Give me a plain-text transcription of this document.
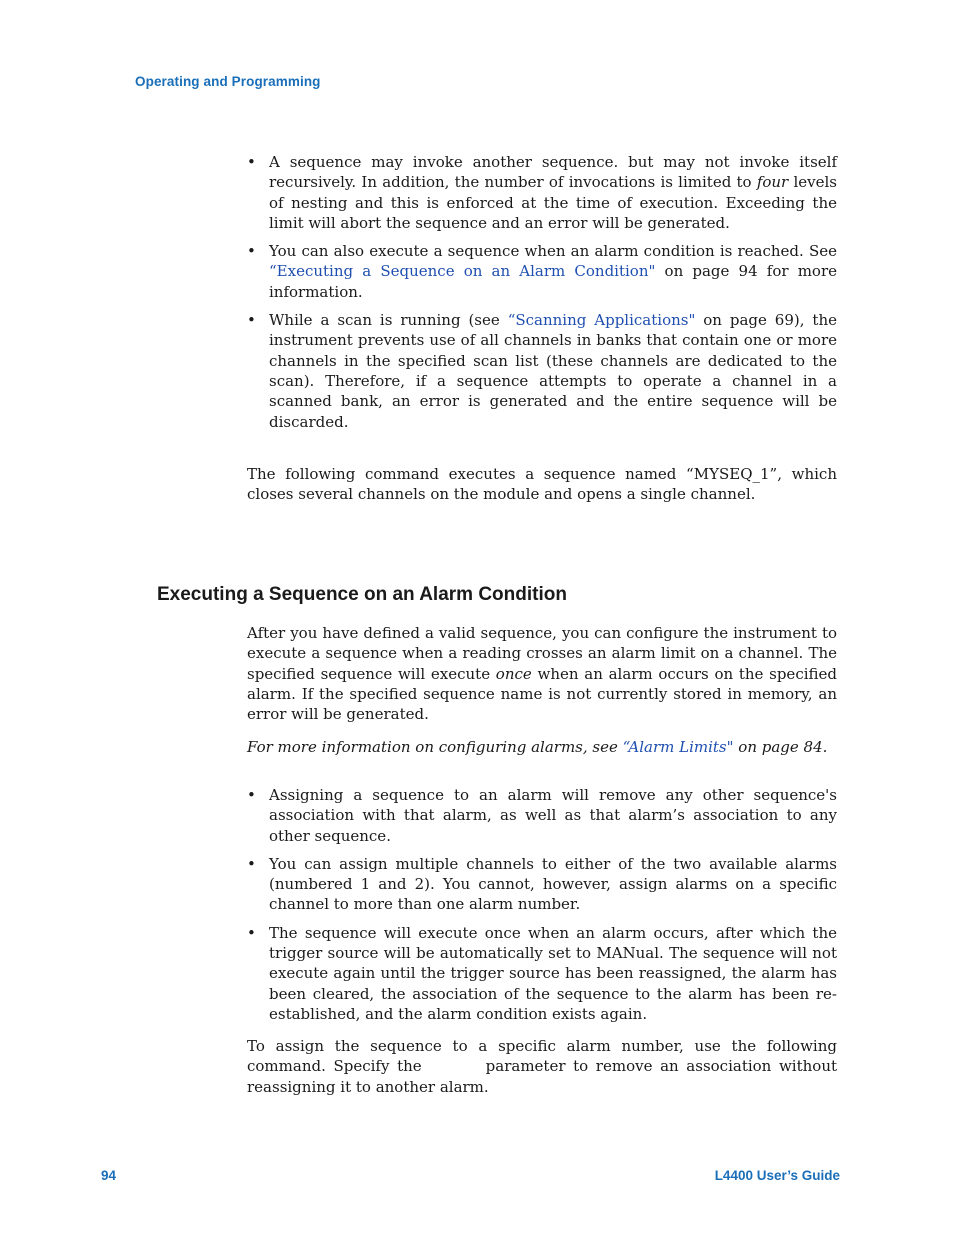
Operating and Programming
• A sequence may invoke another sequence. but may not invoke itself recursively. In addition, the number of invocations is limited to four levels of nesting and this is enforced at the time of execution. Exceeding the limit will abort the sequence and an error will be generated.
• You can also execute a sequence when an alarm condition is reached. See “Executing a Sequence on an Alarm Condition" on page 94 for more information.
• While a scan is running (see “Scanning Applications" on page 69), the instrument prevents use of all channels in banks that contain one or more channels in the specified scan list (these channels are dedicated to the scan). Therefore, if a sequence attempts to operate a channel in a scanned bank, an error is generated and the entire sequence will be discarded.
The following command executes a sequence named “MYSEQ_1”, which closes several channels on the module and opens a single channel.
Executing a Sequence on an Alarm Condition
After you have defined a valid sequence, you can configure the instrument to execute a sequence when a reading crosses an alarm limit on a channel. The specified sequence will execute once when an alarm occurs on the specified alarm. If the specified sequence name is not currently stored in memory, an error will be generated.
For more information on configuring alarms, see “Alarm Limits" on page 84.
• Assigning a sequence to an alarm will remove any other sequence's association with that alarm, as well as that alarm’s association to any other sequence.
• You can assign multiple channels to either of the two available alarms (numbered 1 and 2). You cannot, however, assign alarms on a specific channel to more than one alarm number.
• The sequence will execute once when an alarm occurs, after which the trigger source will be automatically set to MANual. The sequence will not execute again until the trigger source has been reassigned, the alarm has been cleared, the association of the sequence to the alarm has been re- established, and the alarm condition exists again.
To assign the sequence to a specific alarm number, use the following command. Specify the	parameter to remove an association without reassigning it to another alarm.
94	L4400 User’s Guide
